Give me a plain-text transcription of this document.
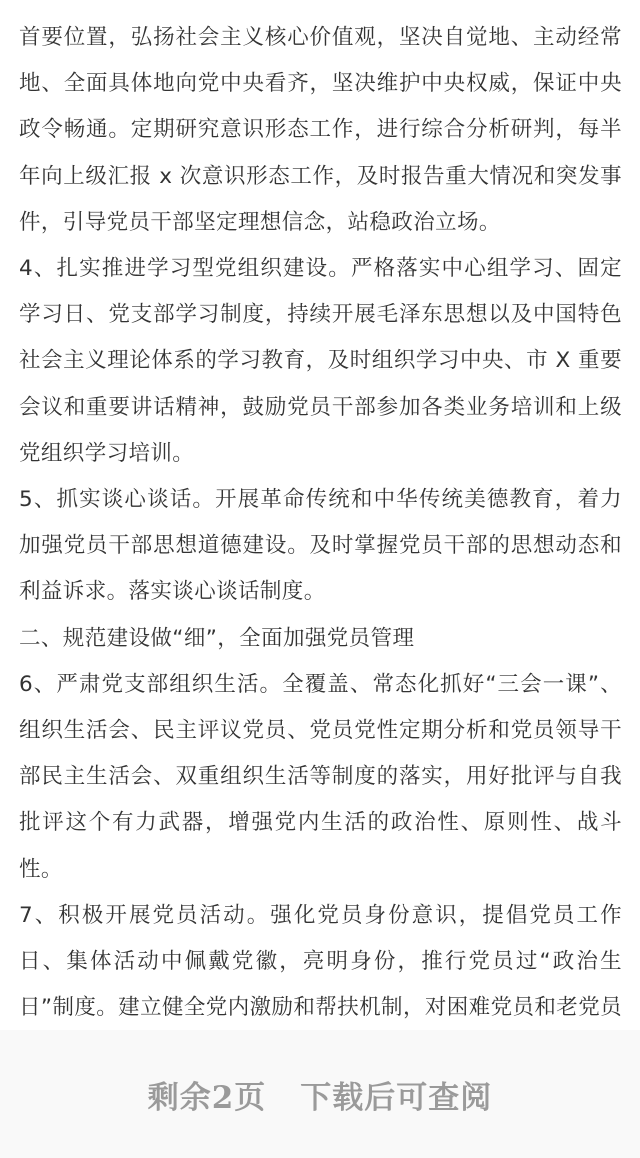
首要位置，弘扬社会主义核心价值观，坚决自觉地、主动经常地、全面具体地向党中央看齐，坚决维护中央权威，保证中央政令畅通。定期研究意识形态工作，进行综合分析研判，每半年向上级汇报 x 次意识形态工作，及时报告重大情况和突发事件，引导党员干部坚定理想信念，站稳政治立场。

4、扎实推进学习型党组织建设。严格落实中心组学习、固定学习日、党支部学习制度，持续开展毛泽东思想以及中国特色社会主义理论体系的学习教育，及时组织学习中央、市 X 重要会议和重要讲话精神，鼓励党员干部参加各类业务培训和上级党组织学习培训。

5、抓实谈心谈话。开展革命传统和中华传统美德教育，着力加强党员干部思想道德建设。及时掌握党员干部的思想动态和利益诉求。落实谈心谈话制度。

二、规范建设做“细”，全面加强党员管理

6、严肃党支部组织生活。全覆盖、常态化抓好“三会一课”、组织生活会、民主评议党员、党员党性定期分析和党员领导干部民主生活会、双重组织生活等制度的落实，用好批评与自我批评这个有力武器，增强党内生活的政治性、原则性、战斗性。

7、积极开展党员活动。强化党员身份意识，提倡党员工作日、集体活动中佩戴党徽，亮明身份，推行党员过“政治生日”制度。建立健全党内激励和帮扶机制，对困难党员和老党员

剩余2页 下载后可查阅
